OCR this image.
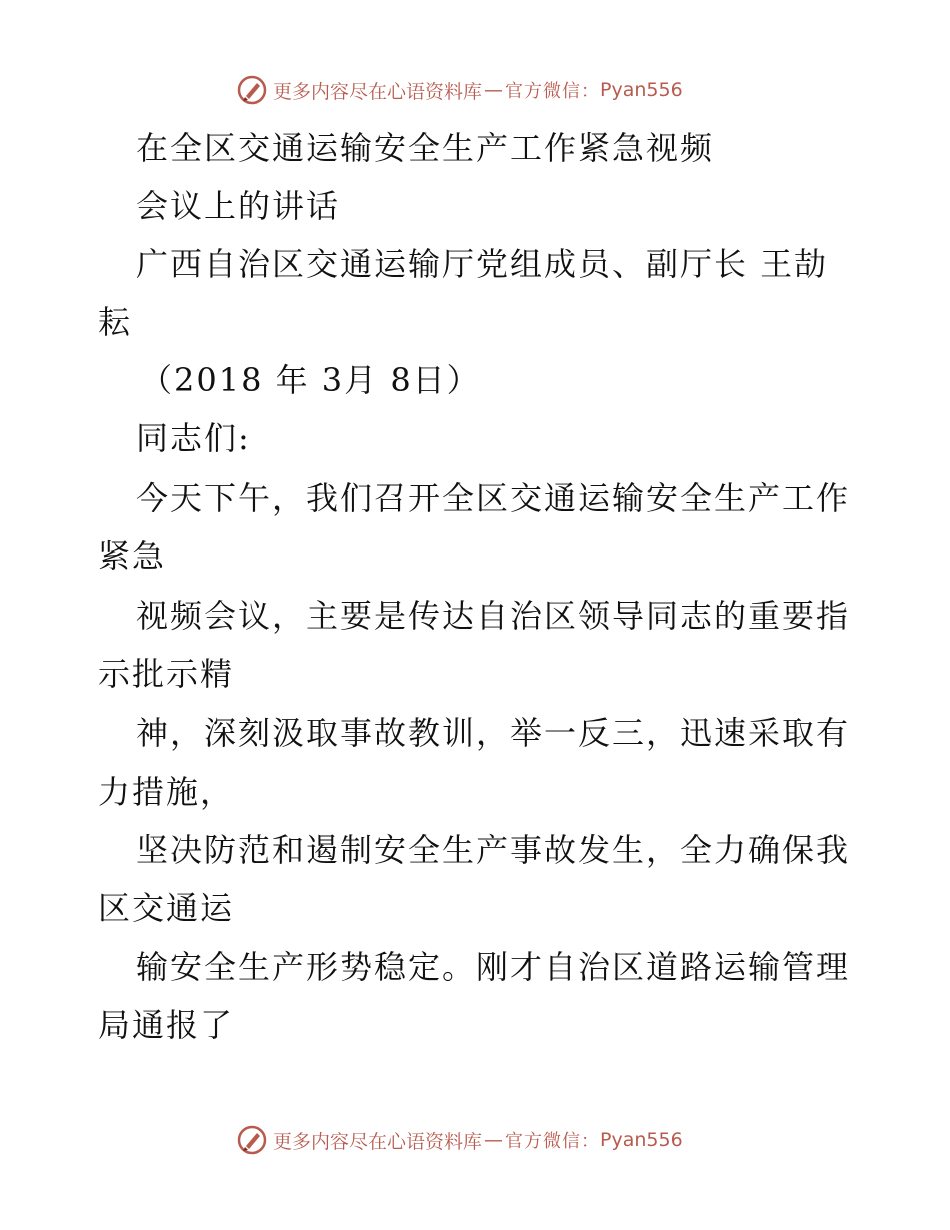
更多内容尽在心语资料库 — 官方微信： Pyan556
在全区交通运输安全生产工作紧急视频
会议上的讲话
广西自治区交通运输厅党组成员、副厅长 王劼
耘
（2018 年 3月 8日）
同志们:
今天下午，我们召开全区交通运输安全生产工作
紧急
视频会议，主要是传达自治区领导同志的重要指
示批示精
神，深刻汲取事故教训，举一反三，迅速采取有
力措施，
坚决防范和遏制安全生产事故发生，全力确保我
区交通运
输安全生产形势稳定。刚才自治区道路运输管理
局通报了
更多内容尽在心语资料库 — 官方微信： Pyan556
